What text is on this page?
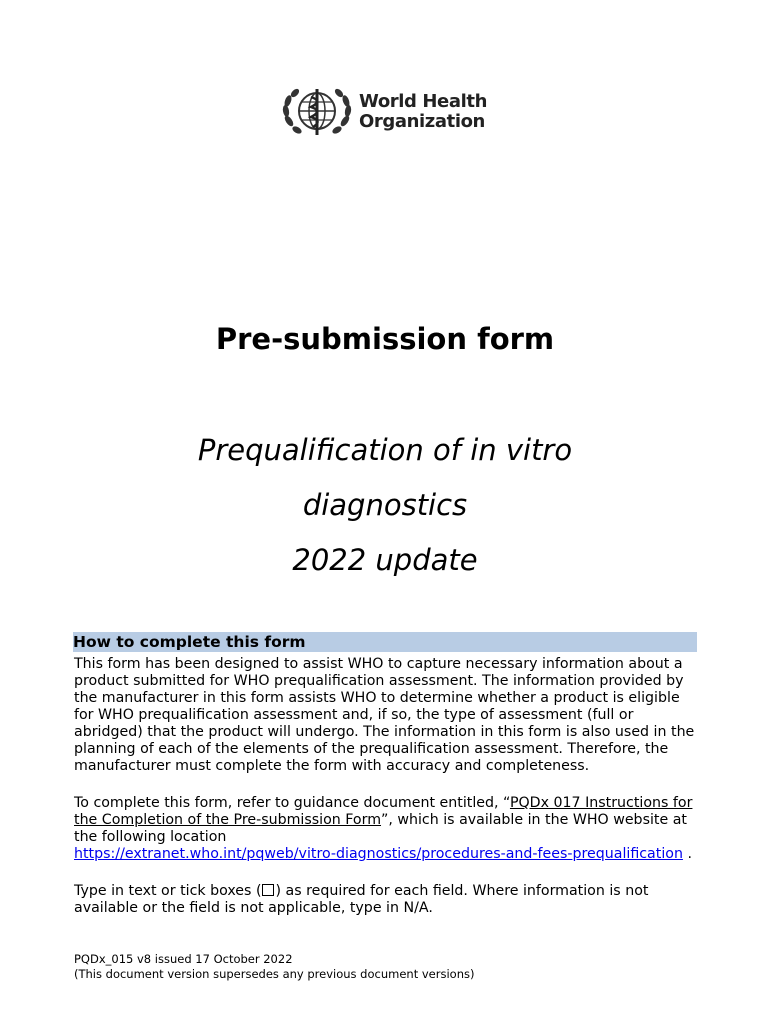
World Health
Organization
Pre-submission form
Prequalification of in vitro
diagnostics
2022 update
How to complete this form
This form has been designed to assist WHO to capture necessary information about a product submitted for WHO prequalification assessment. The information provided by the manufacturer in this form assists WHO to determine whether a product is eligible for WHO prequalification assessment and, if so, the type of assessment (full or abridged) that the product will undergo. The information in this form is also used in the planning of each of the elements of the prequalification assessment. Therefore, the manufacturer must complete the form with accuracy and completeness.
To complete this form, refer to guidance document entitled, “PQDx 017 Instructions for the Completion of the Pre-submission Form”, which is available in the WHO website at the following location
https://extranet.who.int/pqweb/vitro-diagnostics/procedures-and-fees-prequalification .
Type in text or tick boxes ( ) as required for each field. Where information is not available or the field is not applicable, type in N/A.
PQDx_015 v8 issued 17 October 2022
(This document version supersedes any previous document versions)
